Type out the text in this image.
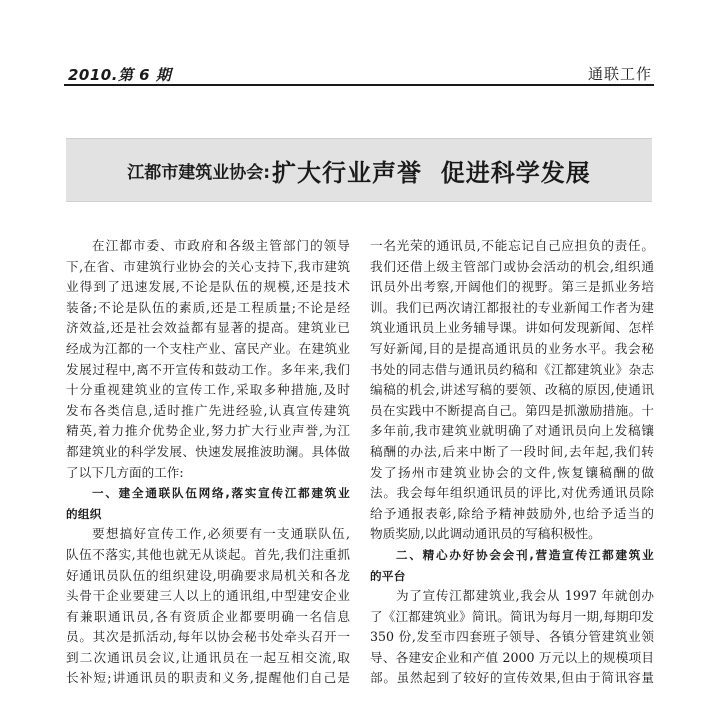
2010.第 6 期	通联工作
江都市建筑业协会: 扩大行业声誉  促进科学发展
在江都市委、市政府和各级主管部门的领导
下,在省、市建筑行业协会的关心支持下,我市建筑
业得到了迅速发展,不论是队伍的规模,还是技术
装备;不论是队伍的素质,还是工程质量;不论是经
济效益,还是社会效益都有显著的提高。建筑业已
经成为江都的一个支柱产业、富民产业。在建筑业
发展过程中,离不开宣传和鼓动工作。多年来,我们
十分重视建筑业的宣传工作,采取多种措施,及时
发布各类信息,适时推广先进经验,认真宣传建筑
精英,着力推介优势企业,努力扩大行业声誉,为江
都建筑业的科学发展、快速发展推波助澜。具体做
了以下几方面的工作:
一、建全通联队伍网络,落实宣传江都建筑业
的组织
要想搞好宣传工作,必须要有一支通联队伍,
队伍不落实,其他也就无从谈起。首先,我们注重抓
好通讯员队伍的组织建设,明确要求局机关和各龙
头骨干企业要建三人以上的通讯组,中型建安企业
有兼职通讯员,各有资质企业都要明确一名信息
员。其次是抓活动,每年以协会秘书处牵头召开一
到二次通讯员会议,让通讯员在一起互相交流,取
长补短;讲通讯员的职责和义务,提醒他们自己是
一名光荣的通讯员,不能忘记自己应担负的责任。
我们还借上级主管部门或协会活动的机会,组织通
讯员外出考察,开阔他们的视野。第三是抓业务培
训。我们已两次请江都报社的专业新闻工作者为建
筑业通讯员上业务辅导课。讲如何发现新闻、怎样
写好新闻,目的是提高通讯员的业务水平。我会秘
书处的同志借与通讯员约稿和《江都建筑业》杂志
编稿的机会,讲述写稿的要领、改稿的原因,使通讯
员在实践中不断提高自己。第四是抓激励措施。十
多年前,我市建筑业就明确了对通讯员向上发稿镶
稿酬的办法,后来中断了一段时间,去年起,我们转
发了扬州市建筑业协会的文件,恢复镶稿酬的做
法。我会每年组织通讯员的评比,对优秀通讯员除
给予通报表彰,除给予精神鼓励外,也给予适当的
物质奖励,以此调动通讯员的写稿积极性。
二、精心办好协会会刊,营造宣传江都建筑业
的平台
为了宣传江都建筑业,我会从 1997 年就创办
了《江都建筑业》简讯。简讯为每月一期,每期印发
350 份,发至市四套班子领导、各镇分管建筑业领
导、各建安企业和产值 2000 万元以上的规模项目
部。虽然起到了较好的宣传效果,但由于简讯容量
